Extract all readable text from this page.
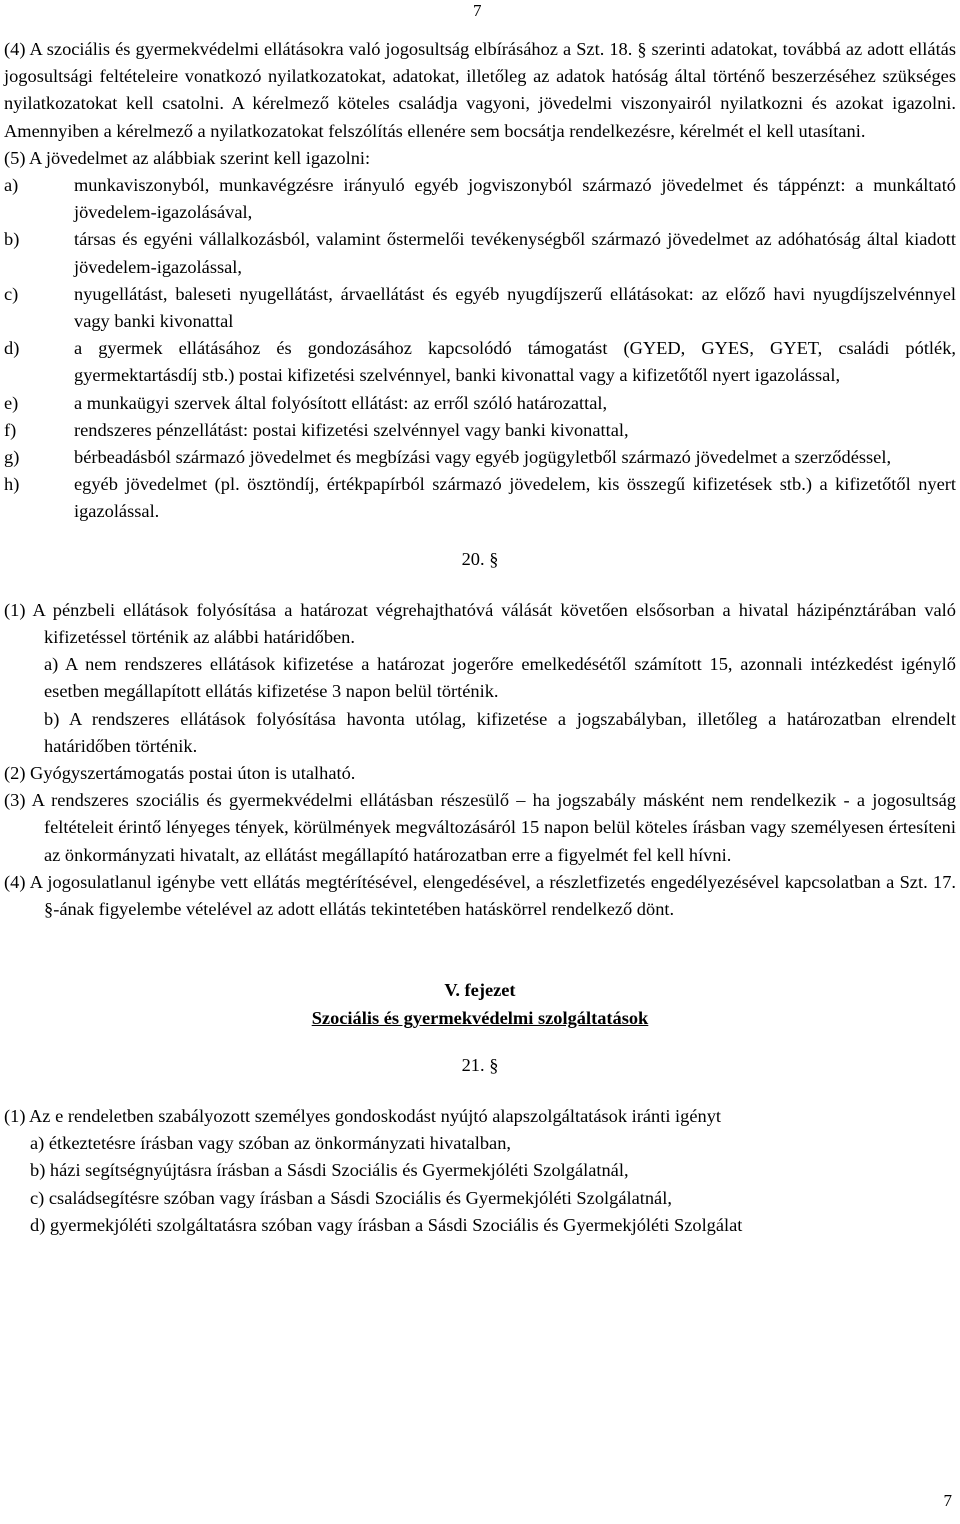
7
(4) A szociális és gyermekvédelmi ellátásokra való jogosultság elbírásához a Szt. 18. § szerinti adatokat, továbbá az adott ellátás jogosultsági feltételeire vonatkozó nyilatkozatokat, adatokat, illetőleg az adatok hatóság által történő beszerzéséhez szükséges nyilatkozatokat kell csatolni. A kérelmező köteles családja vagyoni, jövedelmi viszonyairól nyilatkozni és azokat igazolni. Amennyiben a kérelmező a nyilatkozatokat felszólítás ellenére sem bocsátja rendelkezésre, kérelmét el kell utasítani.
(5) A jövedelmet az alábbiak szerint kell igazolni:
a)	munkaviszonyból, munkavégzésre irányuló egyéb jogviszonyból származó jövedelmet és táppénzt: a munkáltató jövedelem-igazolásával,
b)	társas és egyéni vállalkozásból, valamint őstermelői tevékenységből származó jövedelmet az adóhatóság által kiadott jövedelem-igazolással,
c)	nyugellátást, baleseti nyugellátást, árvaellátást és egyéb nyugdíjszerű ellátásokat: az előző havi nyugdíjszelvénnyel vagy banki kivonattal
d)	a gyermek ellátásához és gondozásához kapcsolódó támogatást (GYED, GYES, GYET, családi pótlék, gyermektartásdíj stb.) postai kifizetési szelvénnyel, banki kivonattal vagy a kifizetőtől nyert igazolással,
e)	a munkaügyi szervek által folyósított ellátást: az erről szóló határozattal,
f)	rendszeres pénzellátást: postai kifizetési szelvénnyel vagy banki kivonattal,
g)	bérbeadásból származó jövedelmet és megbízási vagy egyéb jogügyletből származó jövedelmet a szerződéssel,
h)	egyéb jövedelmet (pl. ösztöndíj, értékpapírból származó jövedelem, kis összegű kifizetések stb.) a kifizetőtől nyert igazolással.
20. §
(1) A pénzbeli ellátások folyósítása a határozat végrehajthatóvá válását követően elsősorban a hivatal házipénztárában való kifizetéssel történik az alábbi határidőben.
a) A nem rendszeres ellátások kifizetése a határozat jogerőre emelkedésétől számított 15, azonnali intézkedést igénylő esetben megállapított ellátás kifizetése 3 napon belül történik.
b) A rendszeres ellátások folyósítása havonta utólag, kifizetése a jogszabályban, illetőleg a határozatban elrendelt határidőben történik.
(2) Gyógyszertámogatás postai úton is utalható.
(3) A rendszeres szociális és gyermekvédelmi ellátásban részesülő – ha jogszabály másként nem rendelkezik - a jogosultság feltételeit érintő lényeges tények, körülmények megváltozásáról 15 napon belül köteles írásban vagy személyesen értesíteni az önkormányzati hivatalt, az ellátást megállapító határozatban erre a figyelmét fel kell hívni.
(4) A jogosulatlanul igénybe vett ellátás megtérítésével, elengedésével, a részletfizetés engedélyezésével kapcsolatban a Szt. 17. §-ának figyelembe vételével az adott ellátás tekintetében hatáskörrel rendelkező dönt.
V. fejezet
Szociális és gyermekvédelmi szolgáltatások
21. §
(1) Az e rendeletben szabályozott személyes gondoskodást nyújtó alapszolgáltatások iránti igényt
a) étkeztetésre írásban vagy szóban az önkormányzati hivatalban,
b) házi segítségnyújtásra írásban a Sásdi Szociális és Gyermekjóléti Szolgálatnál,
c) családsegítésre szóban vagy írásban a Sásdi Szociális és Gyermekjóléti Szolgálatnál,
d) gyermekjóléti szolgáltatásra szóban vagy írásban a Sásdi Szociális és Gyermekjóléti Szolgálat
7
